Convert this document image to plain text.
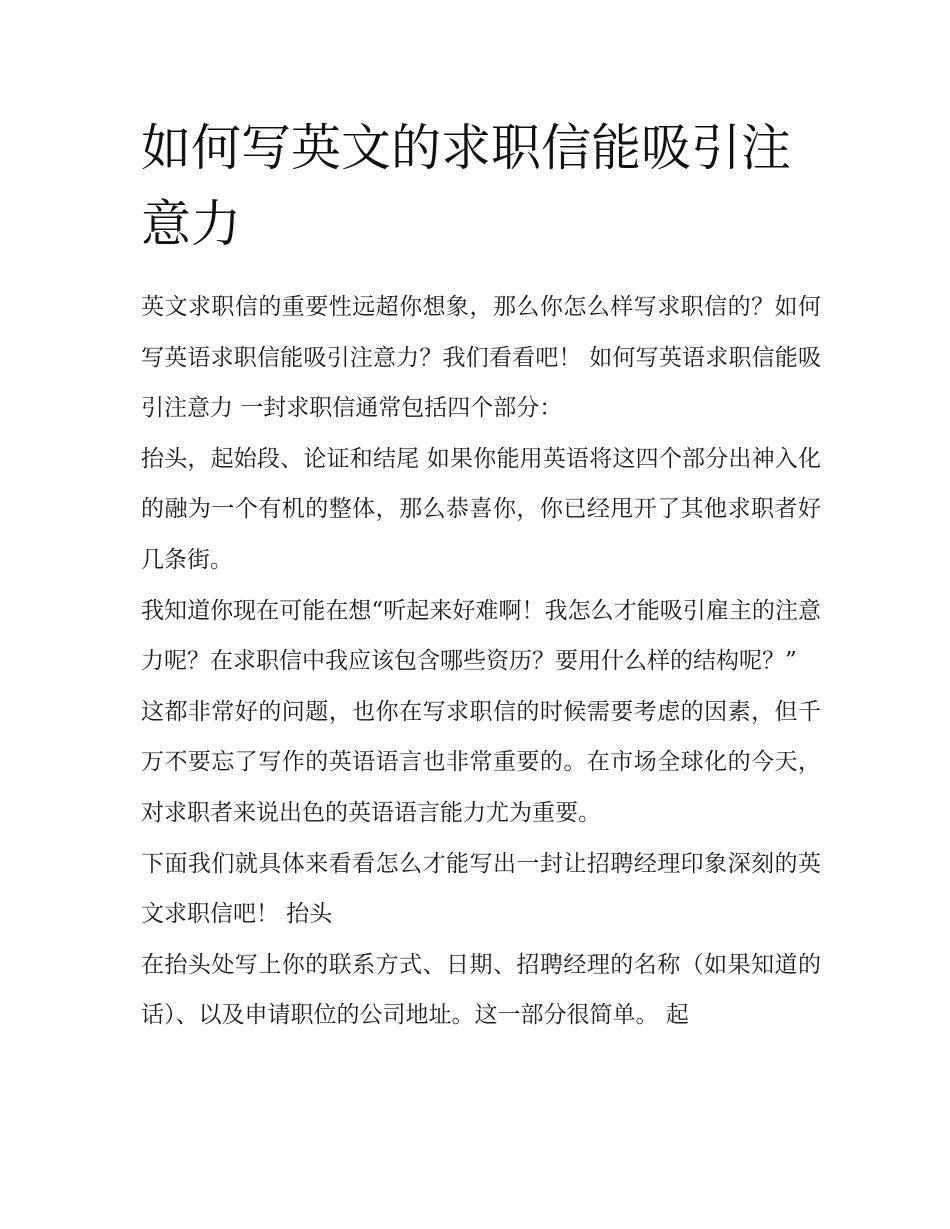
如何写英文的求职信能吸引注意力

英文求职信的重要性远超你想象，那么你怎么样写求职信的？如何写英语求职信能吸引注意力？我们看看吧！ 如何写英语求职信能吸引注意力 一封求职信通常包括四个部分：

抬头，起始段、论证和结尾 如果你能用英语将这四个部分出神入化的融为一个有机的整体，那么恭喜你，你已经甩开了其他求职者好几条街。

我知道你现在可能在想“听起来好难啊！我怎么才能吸引雇主的注意力呢？在求职信中我应该包含哪些资历？要用什么样的结构呢？”

这都非常好的问题，也你在写求职信的时候需要考虑的因素，但千万不要忘了写作的英语语言也非常重要的。在市场全球化的今天，对求职者来说出色的英语语言能力尤为重要。

下面我们就具体来看看怎么才能写出一封让招聘经理印象深刻的英文求职信吧！ 抬头

在抬头处写上你的联系方式、日期、招聘经理的名称（如果知道的话）、以及申请职位的公司地址。这一部分很简单。 起
